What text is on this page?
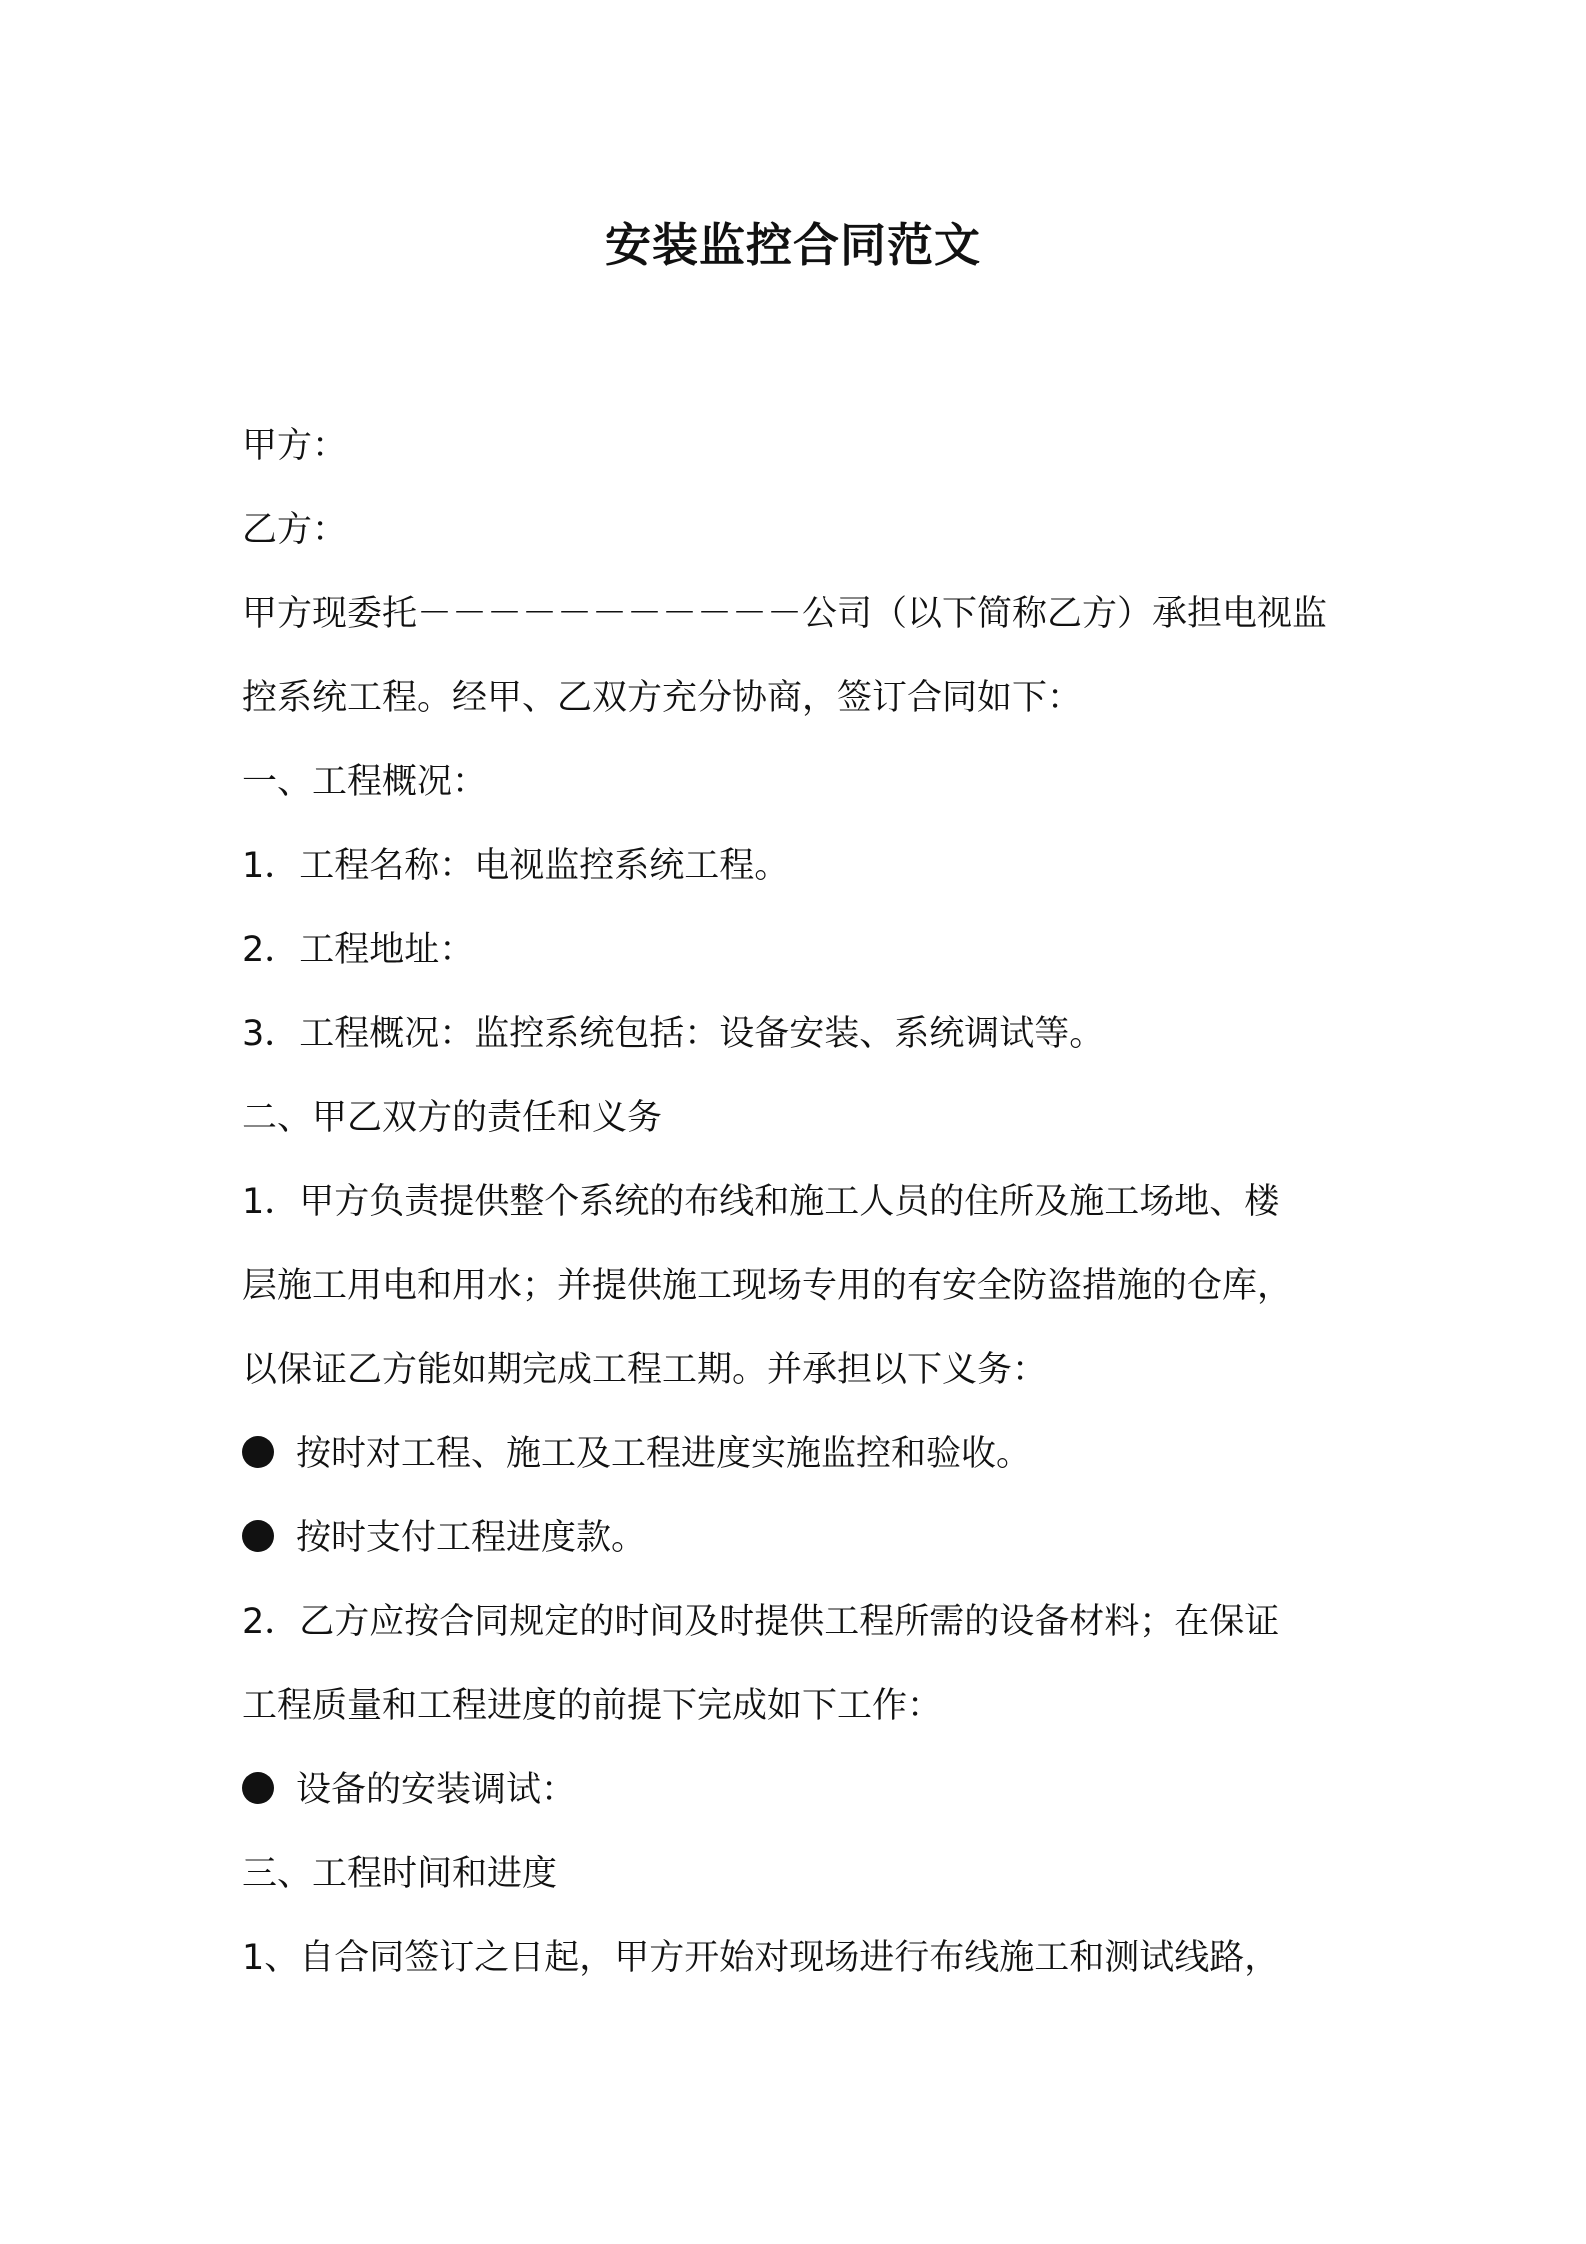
安装监控合同范文
甲方：
乙方：
甲方现委托－－－－－－－－－－－公司（以下简称乙方）承担电视监
控系统工程。经甲、乙双方充分协商，签订合同如下：
一、工程概况：
1．工程名称：电视监控系统工程。
2．工程地址：
3．工程概况：监控系统包括：设备安装、系统调试等。
二、甲乙双方的责任和义务
1．甲方负责提供整个系统的布线和施工人员的住所及施工场地、楼
层施工用电和用水；并提供施工现场专用的有安全防盗措施的仓库，
以保证乙方能如期完成工程工期。并承担以下义务：
按时对工程、施工及工程进度实施监控和验收。
按时支付工程进度款。
2．乙方应按合同规定的时间及时提供工程所需的设备材料；在保证
工程质量和工程进度的前提下完成如下工作：
设备的安装调试：
三、工程时间和进度
1、自合同签订之日起，甲方开始对现场进行布线施工和测试线路，
